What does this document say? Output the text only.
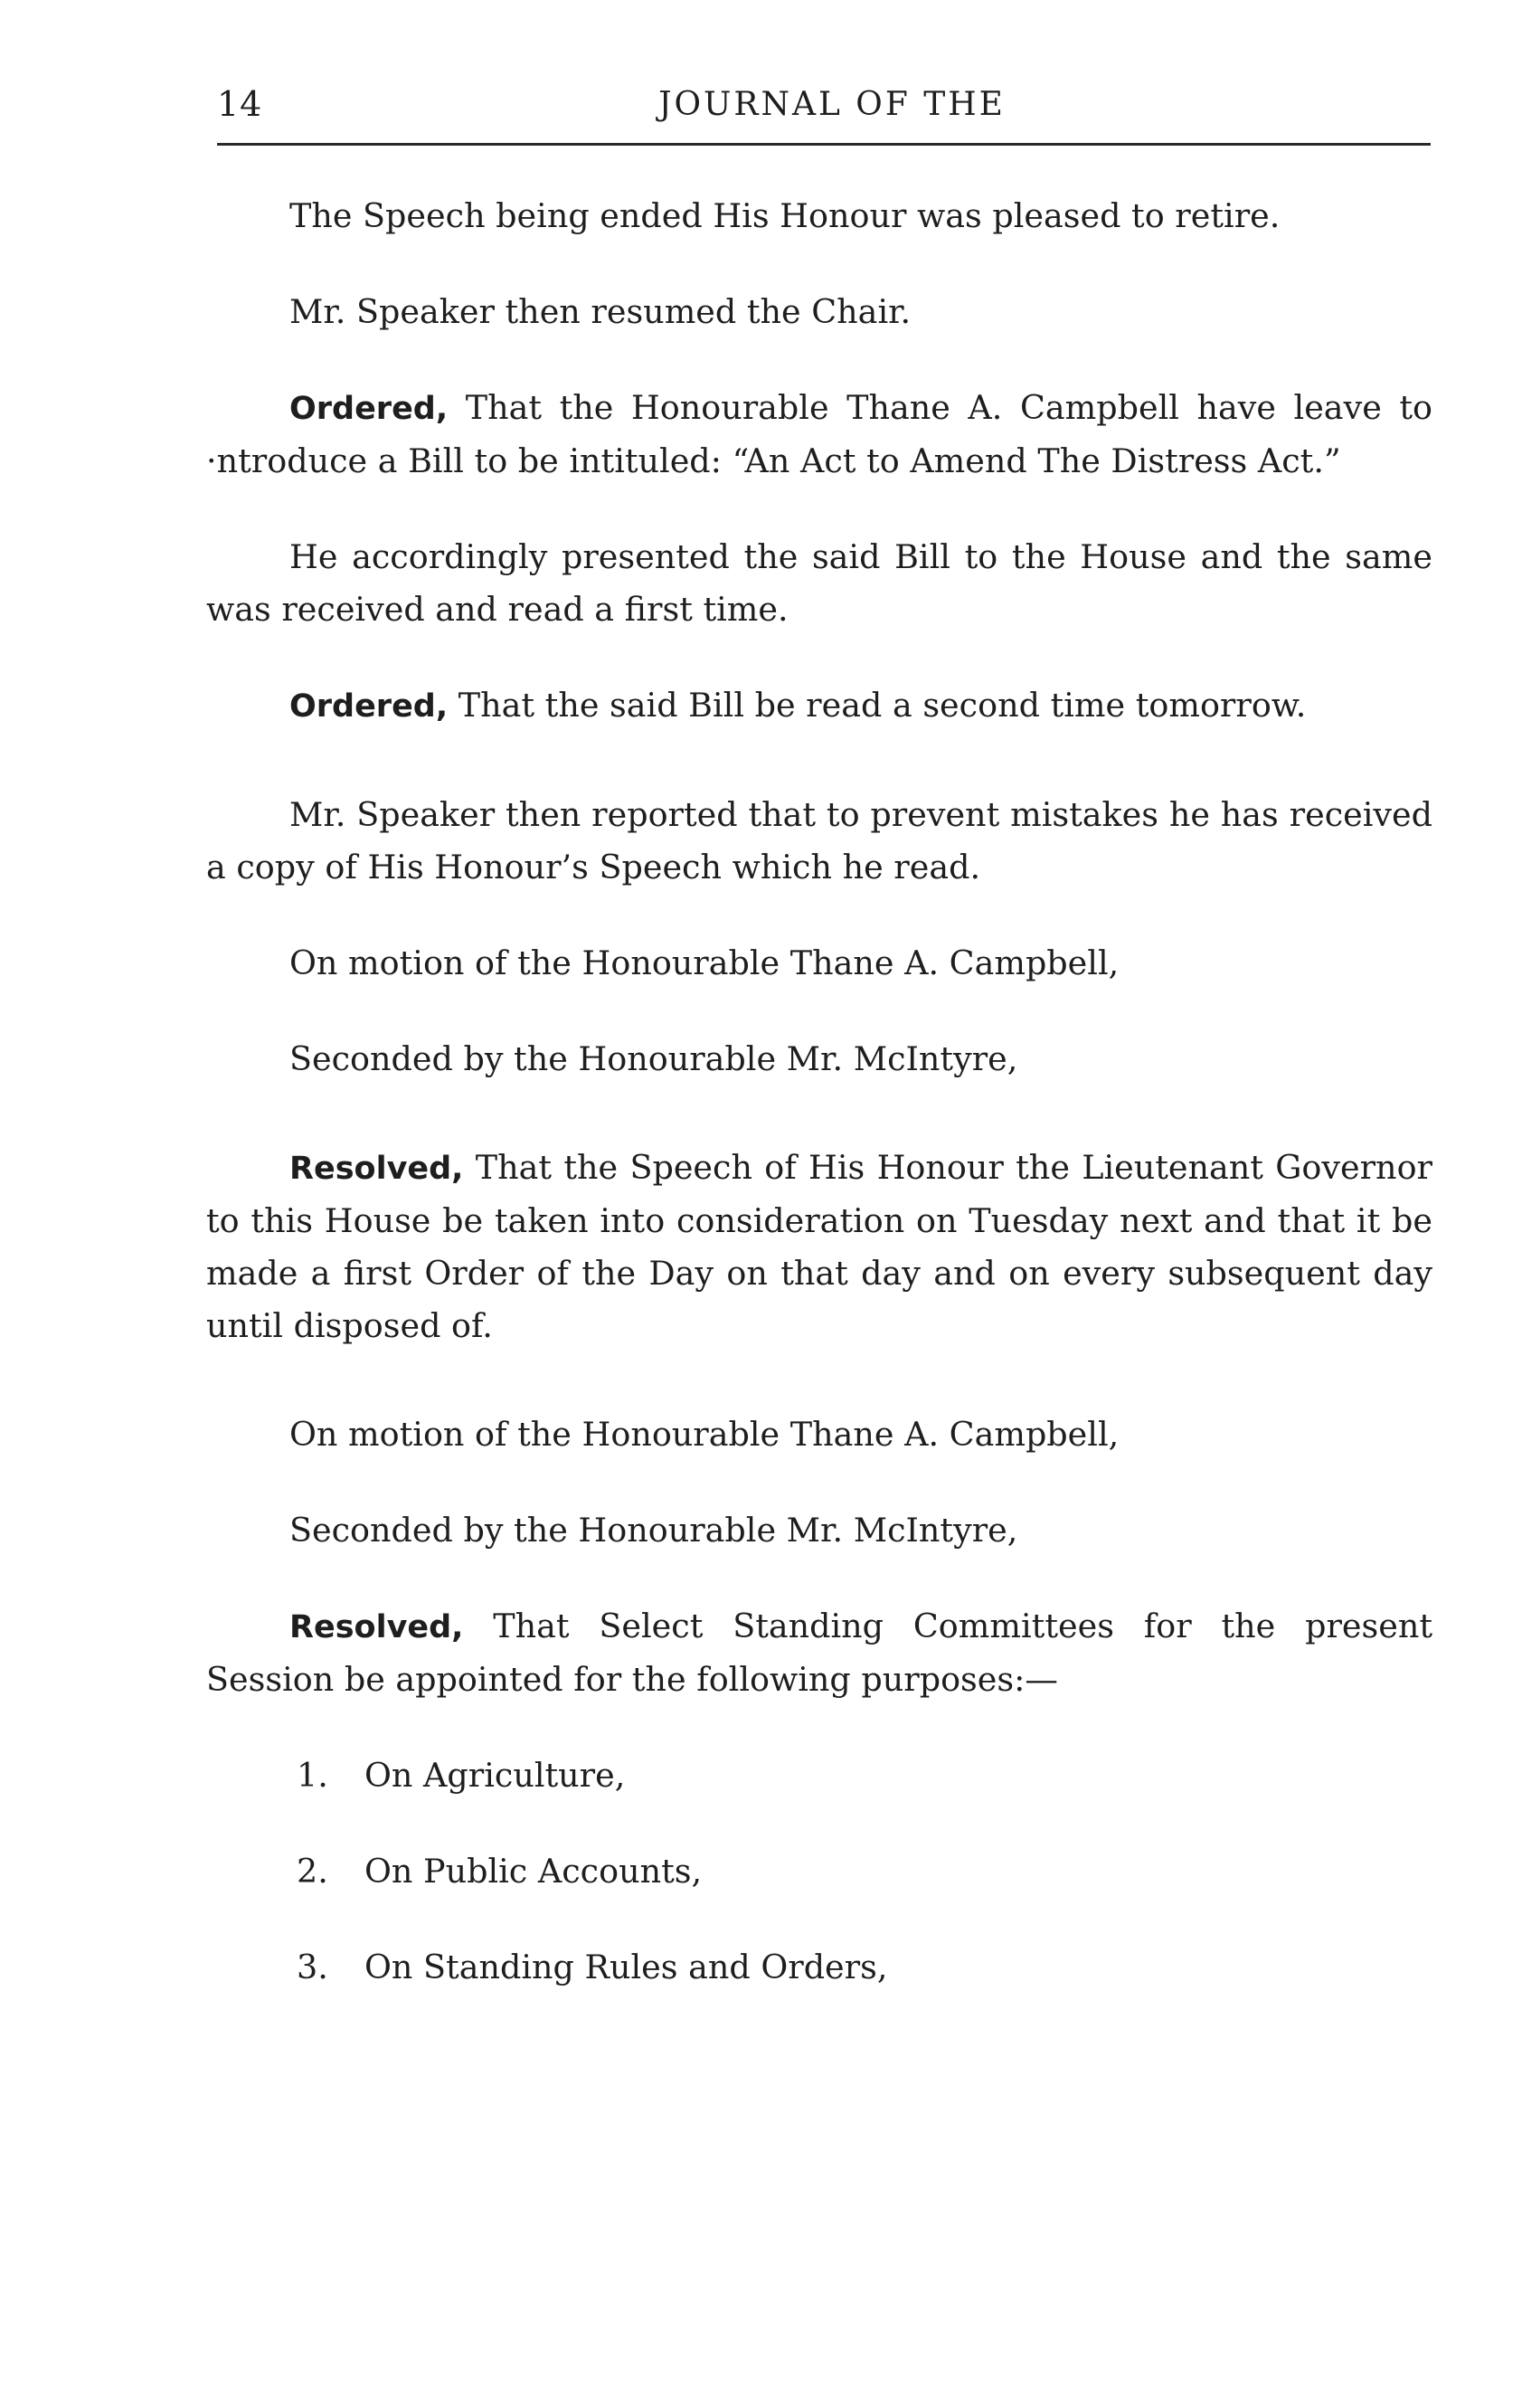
14	JOURNAL OF THE

The Speech being ended His Honour was pleased to retire.

Mr. Speaker then resumed the Chair.

Ordered, That the Honourable Thane A. Campbell have leave to ·ntroduce a Bill to be intituled: “An Act to Amend The Distress Act.”

He accordingly presented the said Bill to the House and the same was received and read a first time.

Ordered, That the said Bill be read a second time tomorrow.

Mr. Speaker then reported that to prevent mistakes he has received a copy of His Honour’s Speech which he read.

On motion of the Honourable Thane A. Campbell,

Seconded by the Honourable Mr. McIntyre,

Resolved, That the Speech of His Honour the Lieutenant Governor to this House be taken into consideration on Tuesday next and that it be made a first Order of the Day on that day and on every subsequent day until disposed of.

On motion of the Honourable Thane A. Campbell,

Seconded by the Honourable Mr. McIntyre,

Resolved, That Select Standing Committees for the present Session be appointed for the following purposes:—

1. On Agriculture,
2. On Public Accounts,
3. On Standing Rules and Orders,
